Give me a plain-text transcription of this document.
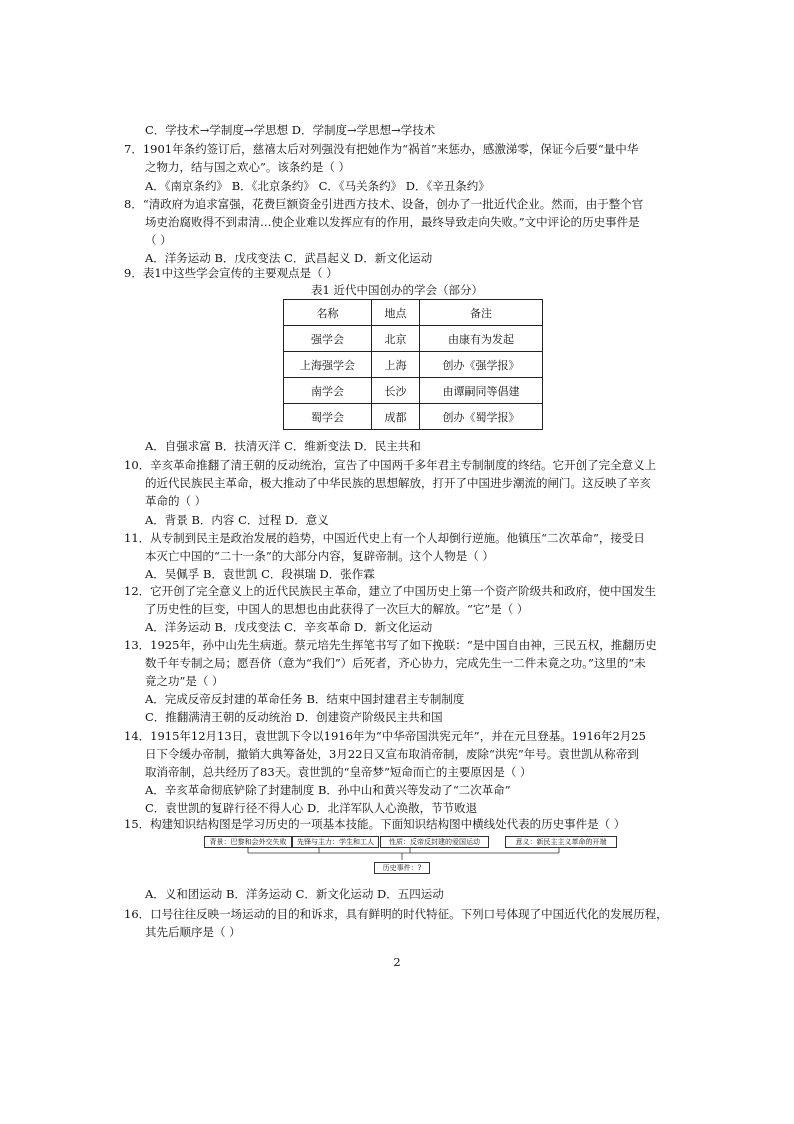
C．学技术→学制度→学思想 D．学制度→学思想→学技术
7．1901年条约签订后，慈禧太后对列强没有把她作为“祸首”来惩办，感激涕零，保证今后要“量中华
之物力，结与国之欢心”。该条约是（ ）
A．《南京条约》 B．《北京条约》 C．《马关条约》 D．《辛丑条约》
8．“清政府为追求富强，花费巨额资金引进西方技术、设备，创办了一批近代企业。然而，由于整个官
场吏治腐败得不到肃清…使企业难以发挥应有的作用，最终导致走向失败。”文中评论的历史事件是
（ ）
A．洋务运动 B．戊戌变法 C．武昌起义 D．新文化运动
9．表1中这些学会宣传的主要观点是（ ）
表1 近代中国创办的学会（部分）
名称	地点	备注
强学会	北京	由康有为发起
上海强学会	上海	创办《强学报》
南学会	长沙	由谭嗣同等倡建
蜀学会	成都	创办《蜀学报》
A．自强求富 B．扶清灭洋 C．维新变法 D．民主共和
10．辛亥革命推翻了清王朝的反动统治，宣告了中国两千多年君主专制制度的终结。它开创了完全意义上
的近代民族民主革命，极大推动了中华民族的思想解放，打开了中国进步潮流的闸门。这反映了辛亥
革命的（ ）
A．背景 B．内容 C．过程 D．意义
11．从专制到民主是政治发展的趋势，中国近代史上有一个人却倒行逆施。他镇压“二次革命”，接受日
本灭亡中国的“二十一条”的大部分内容，复辟帝制。这个人物是（ ）
A．吴佩孚 B．袁世凯 C．段祺瑞 D．张作霖
12．它开创了完全意义上的近代民族民主革命，建立了中国历史上第一个资产阶级共和政府，使中国发生
了历史性的巨变，中国人的思想也由此获得了一次巨大的解放。“它”是（ ）
A．洋务运动 B．戊戌变法 C．辛亥革命 D．新文化运动
13．1925年，孙中山先生病逝。蔡元培先生挥笔书写了如下挽联：“是中国自由神，三民五权，推翻历史
数千年专制之局；愿吾侪（意为“我们”）后死者，齐心协力，完成先生一二件未竟之功。”这里的“未
竟之功”是（ ）
A．完成反帝反封建的革命任务 B．结束中国封建君主专制制度
C．推翻满清王朝的反动统治 D．创建资产阶级民主共和国
14．1915年12月13日，袁世凯下令以1916年为“中华帝国洪宪元年”，并在元旦登基。1916年2月25
日下令缓办帝制，撤销大典筹备处，3月22日又宣布取消帝制，废除“洪宪”年号。袁世凯从称帝到
取消帝制，总共经历了83天。袁世凯的“皇帝梦”短命而亡的主要原因是（ ）
A．辛亥革命彻底铲除了封建制度 B．孙中山和黄兴等发动了“二次革命”
C．袁世凯的复辟行径不得人心 D．北洋军队人心涣散，节节败退
15．构建知识结构图是学习历史的一项基本技能。下面知识结构图中横线处代表的历史事件是（ ）
背景：巴黎和会外交失败	先锋与主力：学生和工人	性质：反帝反封建的爱国运动	意义：新民主主义革命的开端
历史事件：?
A．义和团运动 B．洋务运动 C．新文化运动 D．五四运动
16．口号往往反映一场运动的目的和诉求，具有鲜明的时代特征。下列口号体现了中国近代化的发展历程，
其先后顺序是（ ）
2
